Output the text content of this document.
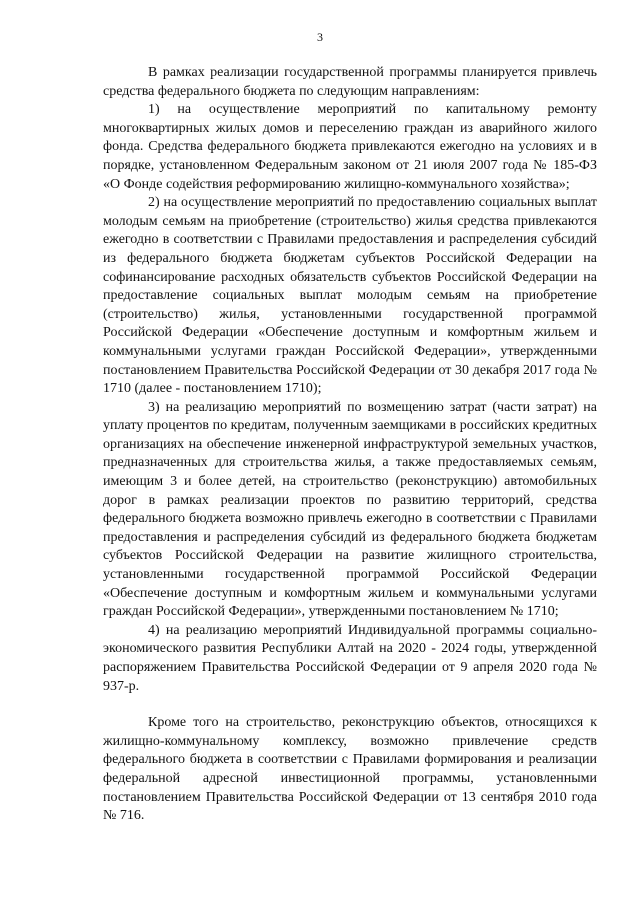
3

В рамках реализации государственной программы планируется привлечь средства федерального бюджета по следующим направлениям:

1) на осуществление мероприятий по капитальному ремонту многоквартирных жилых домов и переселению граждан из аварийного жилого фонда. Средства федерального бюджета привлекаются ежегодно на условиях и в порядке, установленном Федеральным законом от 21 июля 2007 года № 185-ФЗ «О Фонде содействия реформированию жилищно-коммунального хозяйства»;

2) на осуществление мероприятий по предоставлению социальных выплат молодым семьям на приобретение (строительство) жилья средства привлекаются ежегодно в соответствии с Правилами предоставления и распределения субсидий из федерального бюджета бюджетам субъектов Российской Федерации на софинансирование расходных обязательств субъектов Российской Федерации на предоставление социальных выплат молодым семьям на приобретение (строительство) жилья, установленными государственной программой Российской Федерации «Обеспечение доступным и комфортным жильем и коммунальными услугами граждан Российской Федерации», утвержденными постановлением Правительства Российской Федерации от 30 декабря 2017 года № 1710 (далее - постановлением 1710);

3) на реализацию мероприятий по возмещению затрат (части затрат) на уплату процентов по кредитам, полученным заемщиками в российских кредитных организациях на обеспечение инженерной инфраструктурой земельных участков, предназначенных для строительства жилья, а также предоставляемых семьям, имеющим 3 и более детей, на строительство (реконструкцию) автомобильных дорог в рамках реализации проектов по развитию территорий, средства федерального бюджета возможно привлечь ежегодно в соответствии с Правилами предоставления и распределения субсидий из федерального бюджета бюджетам субъектов Российской Федерации на развитие жилищного строительства, установленными государственной программой Российской Федерации «Обеспечение доступным и комфортным жильем и коммунальными услугами граждан Российской Федерации», утвержденными постановлением № 1710;

4) на реализацию мероприятий Индивидуальной программы социально-экономического развития Республики Алтай на 2020 - 2024 годы, утвержденной распоряжением Правительства Российской Федерации от 9 апреля 2020 года № 937-р.

Кроме того на строительство, реконструкцию объектов, относящихся к жилищно-коммунальному комплексу, возможно привлечение средств федерального бюджета в соответствии с Правилами формирования и реализации федеральной адресной инвестиционной программы, установленными постановлением Правительства Российской Федерации от 13 сентября 2010 года № 716.
